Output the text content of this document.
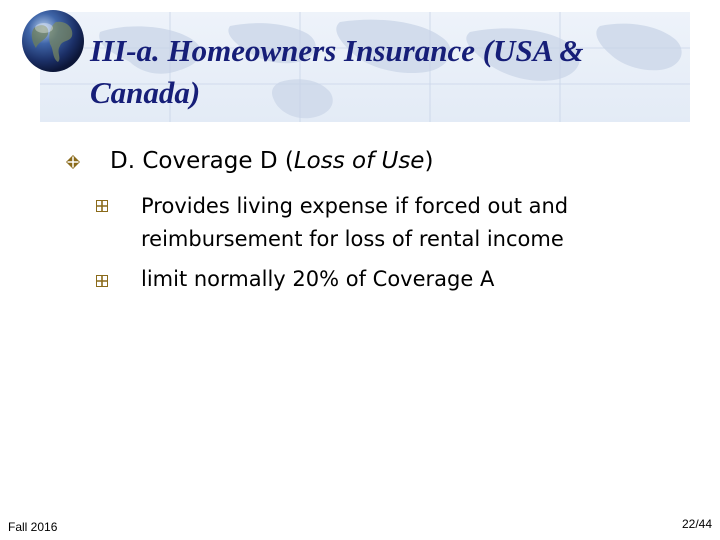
III-a. Homeowners Insurance (USA & Canada)
D. Coverage D (Loss of Use)
Provides living expense if forced out and
reimbursement for loss of rental income
limit normally 20% of Coverage A
Fall 2016	22/44
